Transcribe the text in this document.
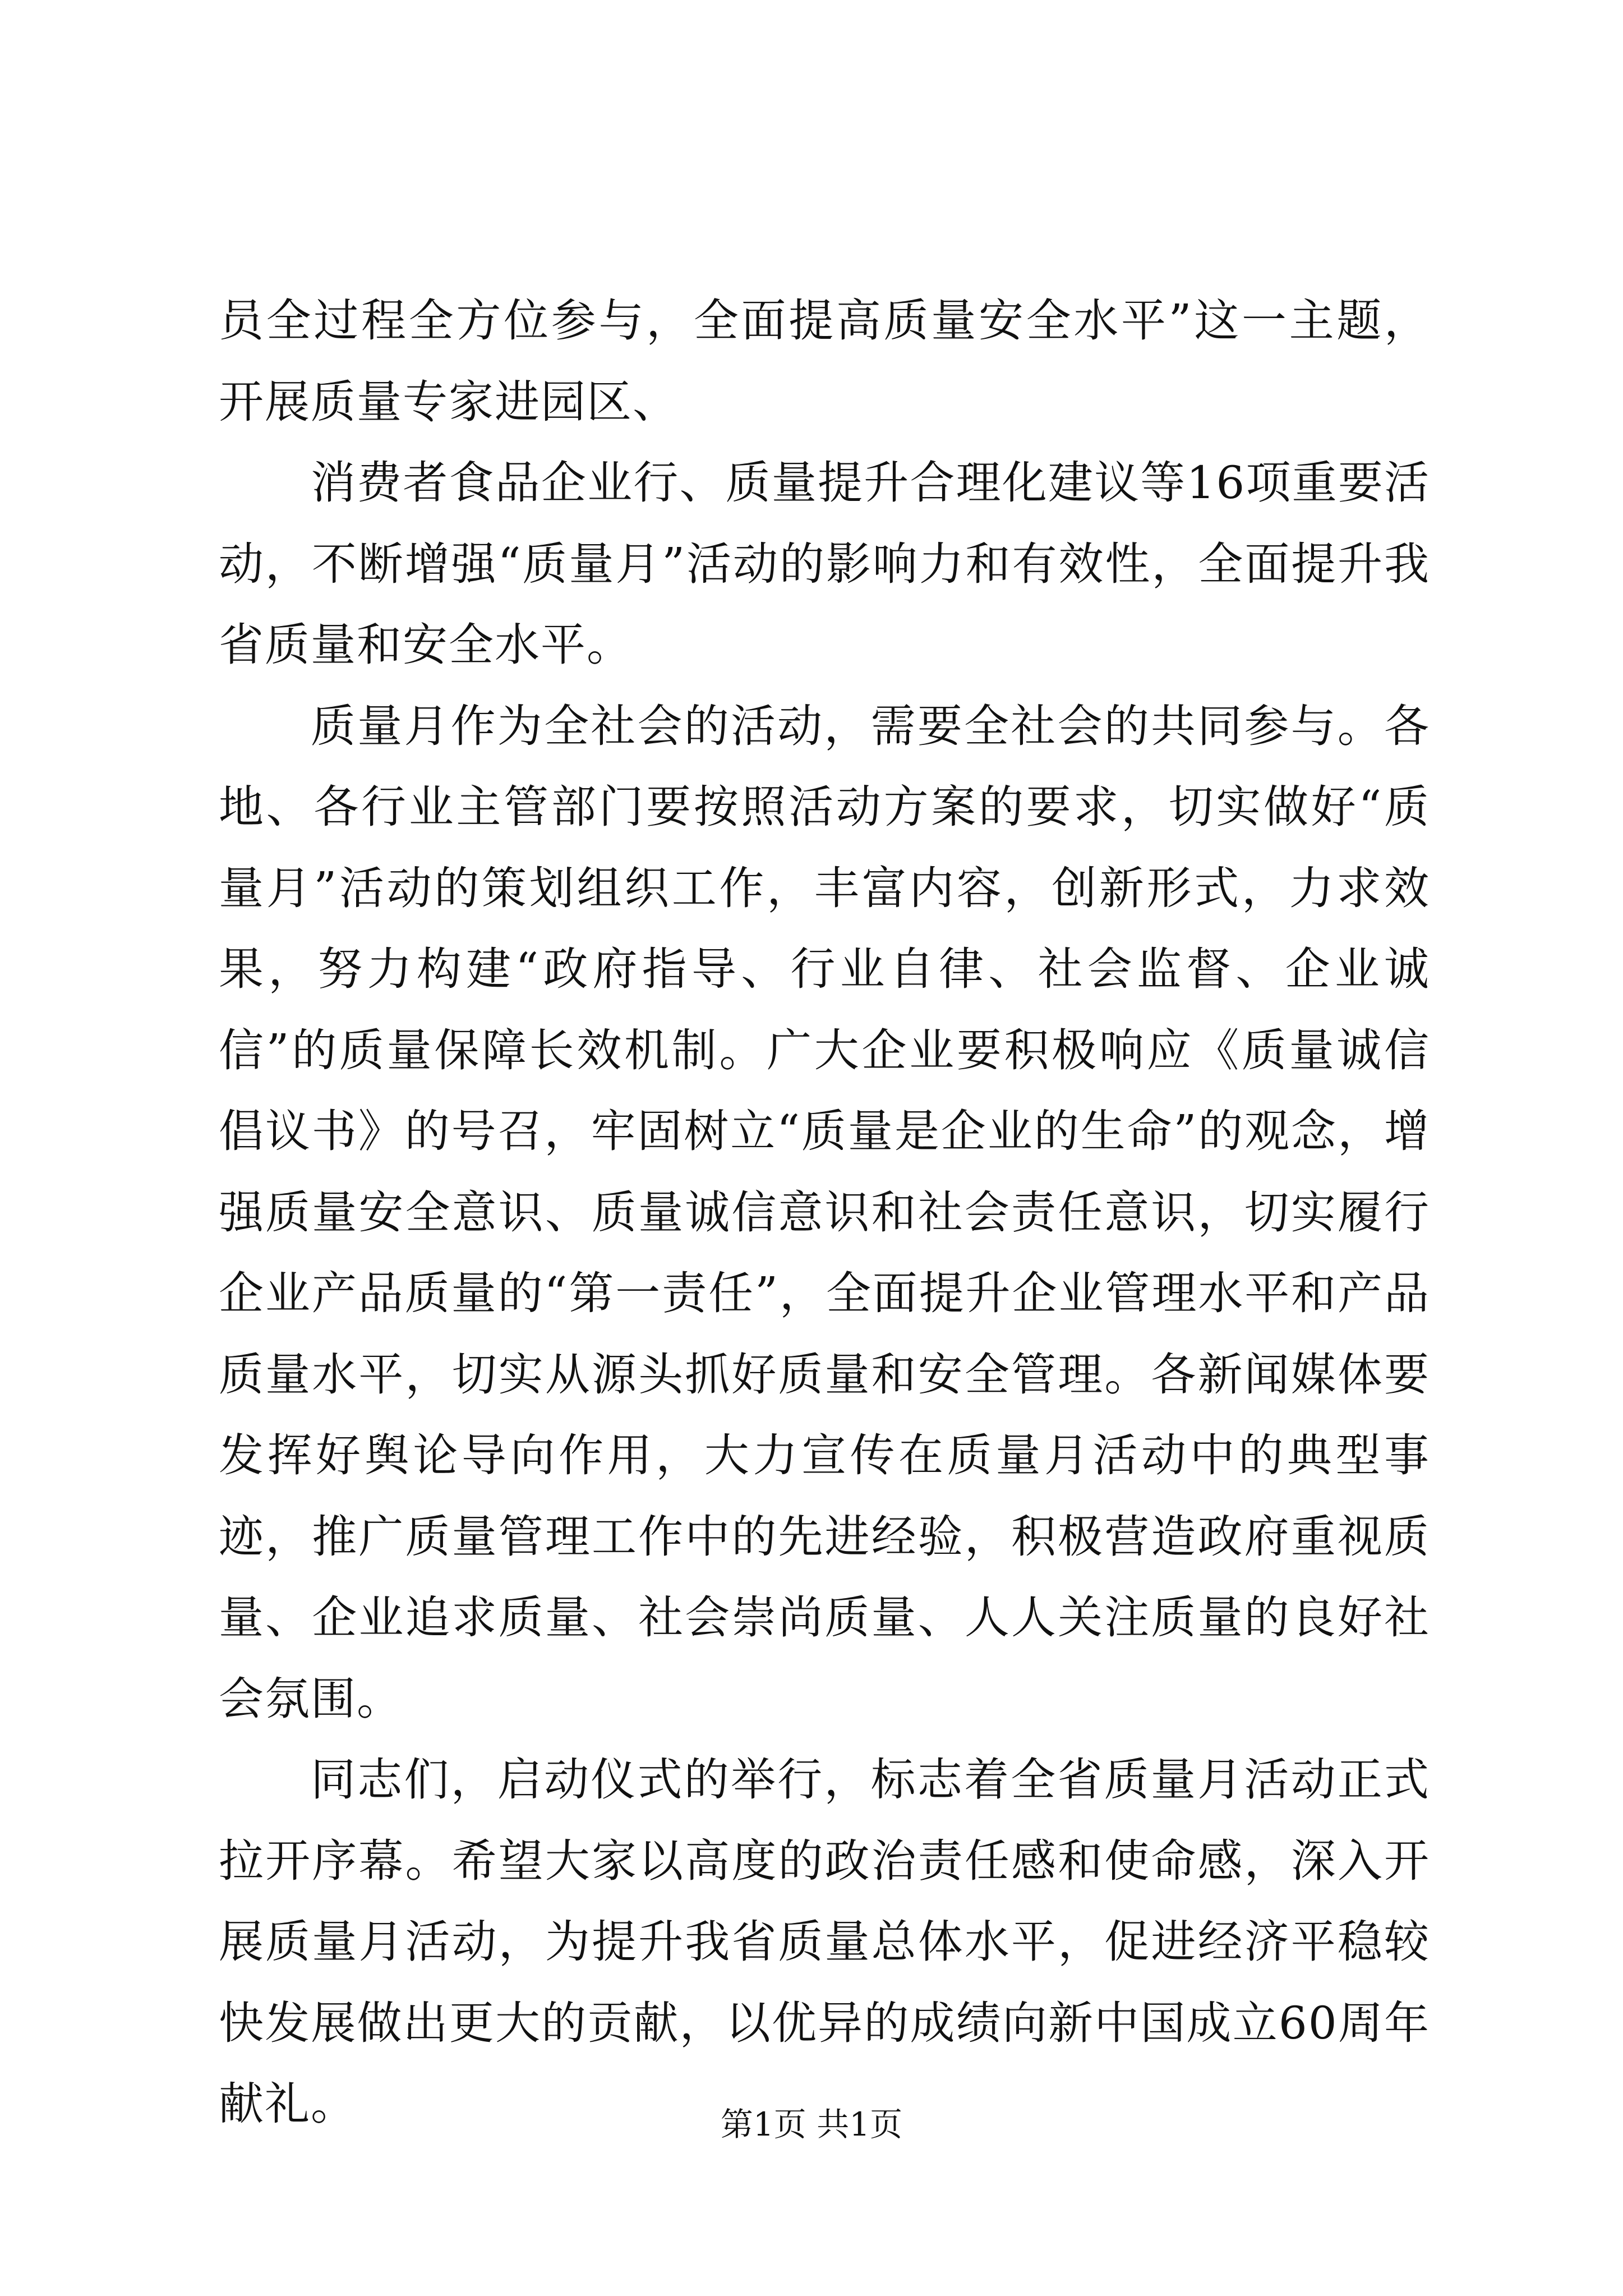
员全过程全方位参与，全面提高质量安全水平”这一主题，开展质量专家进园区、

消费者食品企业行、质量提升合理化建议等16项重要活动，不断增强“质量月”活动的影响力和有效性，全面提升我省质量和安全水平。

质量月作为全社会的活动，需要全社会的共同参与。各地、各行业主管部门要按照活动方案的要求，切实做好“质量月”活动的策划组织工作，丰富内容，创新形式，力求效果，努力构建“政府指导、行业自律、社会监督、企业诚信”的质量保障长效机制。广大企业要积极响应《质量诚信倡议书》的号召，牢固树立“质量是企业的生命”的观念，增强质量安全意识、质量诚信意识和社会责任意识，切实履行企业产品质量的“第一责任”，全面提升企业管理水平和产品质量水平，切实从源头抓好质量和安全管理。各新闻媒体要发挥好舆论导向作用，大力宣传在质量月活动中的典型事迹，推广质量管理工作中的先进经验，积极营造政府重视质量、企业追求质量、社会崇尚质量、人人关注质量的良好社会氛围。

同志们，启动仪式的举行，标志着全省质量月活动正式拉开序幕。希望大家以高度的政治责任感和使命感，深入开展质量月活动，为提升我省质量总体水平，促进经济平稳较快发展做出更大的贡献，以优异的成绩向新中国成立60周年献礼。	第1页 共1页
